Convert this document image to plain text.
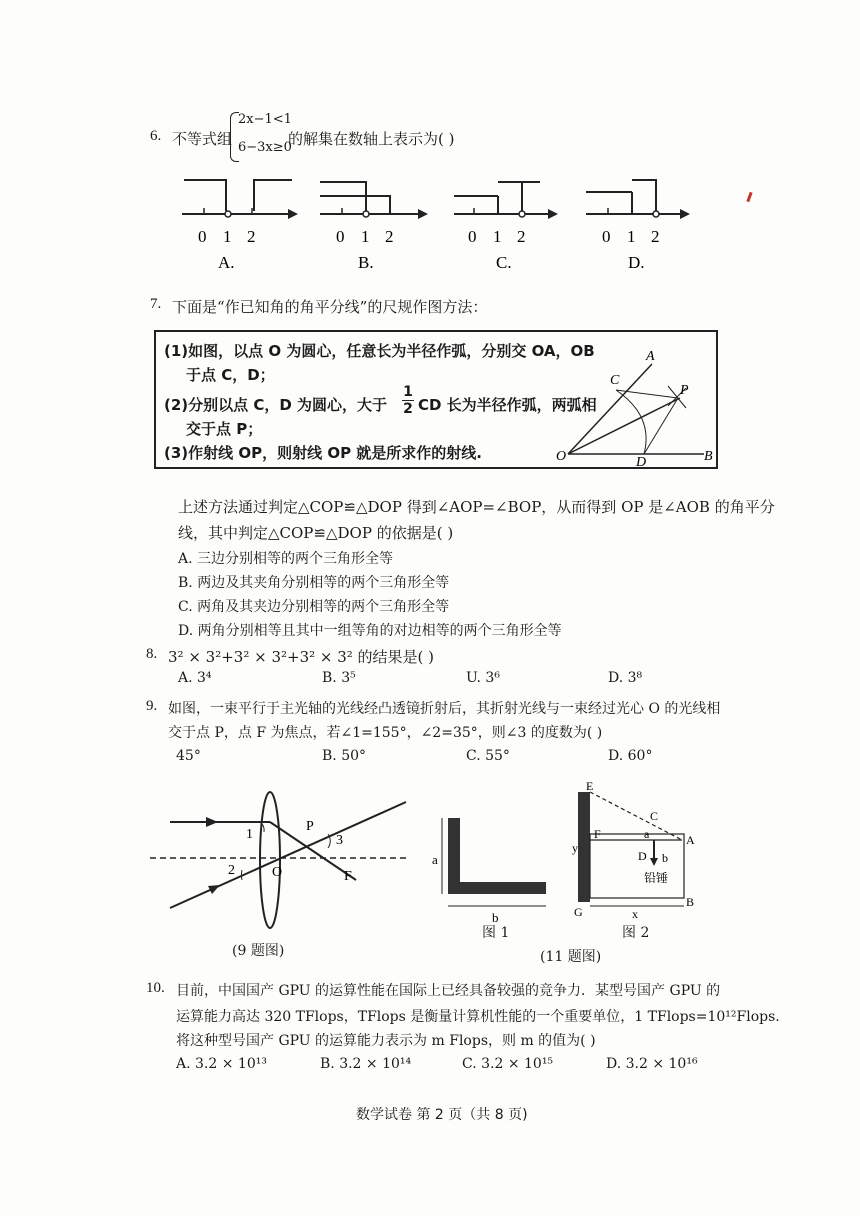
6. 不等式组
2x−1<1
6−3x≥0
的解集在数轴上表示为( )
0 1 2
A.
0 1 2
B.
0 1 2
C.
0 1 2
D.
7. 下面是“作已知角的角平分线”的尺规作图方法：
(1)如图，以点 O 为圆心，任意长为半径作弧，分别交 OA，OB
于点 C，D；
(2)分别以点 C，D 为圆心，大于 $\frac{1}{2}$ CD 长为半径作弧，两弧相
交于点 P；
(3)作射线 OP，则射线 OP 就是所求作的射线.
A
C
P
O	D	B
上述方法通过判定△COP≌△DOP 得到∠AOP=∠BOP，从而得到 OP 是∠AOB 的角平分
线，其中判定△COP≌△DOP 的依据是( )
A. 三边分别相等的两个三角形全等
B. 两边及其夹角分别相等的两个三角形全等
C. 两角及其夹边分别相等的两个三角形全等
D. 两角分别相等且其中一组等角的对边相等的两个三角形全等
8. 3² × 3²+3² × 3²+3² × 3² 的结果是( )
A. 3⁴	B. 3⁵	U. 3⁶	D. 3⁸
9. 如图，一束平行于主光轴的光线经凸透镜折射后，其折射光线与一束经过光心 O 的光线相
交于点 P，点 F 为焦点，若∠1=155°，∠2=35°，则∠3 的度数为( )
45°	B. 50°	C. 55°	D. 60°
1
2
3
P
O	F
(9 题图)
a
b
E
C
a	A
D b
F
y
G
B
x
铅锤
图 1	图 2
(11 题图)
10. 目前，中国国产 GPU 的运算性能在国际上已经具备较强的竞争力．某型号国产 GPU 的
运算能力高达 320 TFlops，TFlops 是衡量计算机性能的一个重要单位，1 TFlops=10¹²Flops.
将这种型号国产 GPU 的运算能力表示为 m Flops，则 m 的值为( )
A. 3.2 × 10¹³	B. 3.2 × 10¹⁴	C. 3.2 × 10¹⁵	D. 3.2 × 10¹⁶
数学试卷 第 2 页（共 8 页)
